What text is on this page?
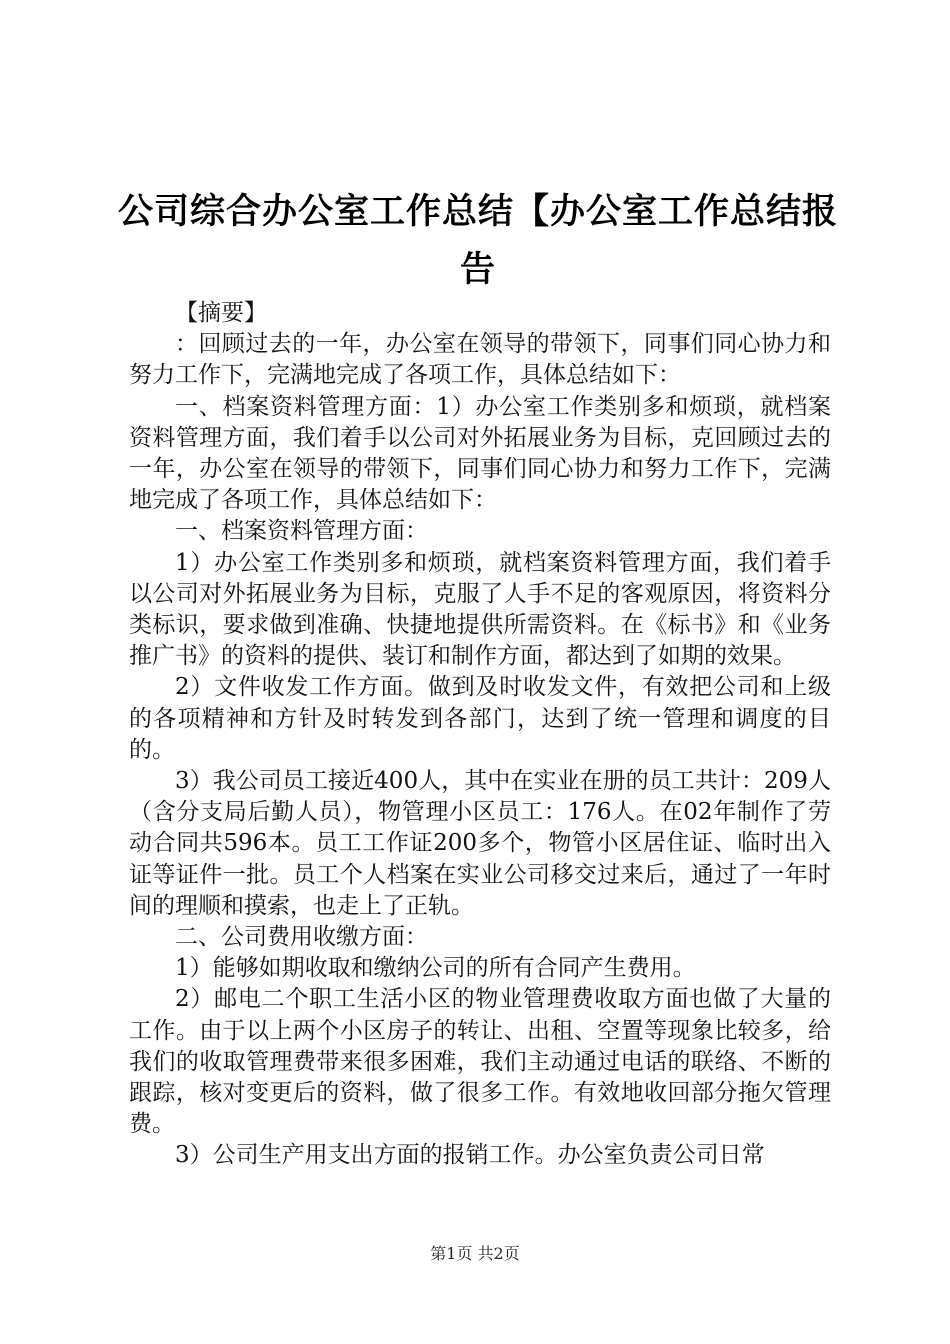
公司综合办公室工作总结【办公室工作总结报告

【摘要】

：回顾过去的一年，办公室在领导的带领下，同事们同心协力和努力工作下，完满地完成了各项工作，具体总结如下：

一、档案资料管理方面：1）办公室工作类别多和烦琐，就档案资料管理方面，我们着手以公司对外拓展业务为目标，克回顾过去的一年，办公室在领导的带领下，同事们同心协力和努力工作下，完满地完成了各项工作，具体总结如下：

一、档案资料管理方面：

1）办公室工作类别多和烦琐，就档案资料管理方面，我们着手以公司对外拓展业务为目标，克服了人手不足的客观原因，将资料分类标识，要求做到准确、快捷地提供所需资料。在《标书》和《业务推广书》的资料的提供、装订和制作方面，都达到了如期的效果。

2）文件收发工作方面。做到及时收发文件，有效把公司和上级的各项精神和方针及时转发到各部门，达到了统一管理和调度的目的。

3）我公司员工接近400人，其中在实业在册的员工共计：209人（含分支局后勤人员），物管理小区员工：176人。在02年制作了劳动合同共596本。员工工作证200多个，物管小区居住证、临时出入证等证件一批。员工个人档案在实业公司移交过来后，通过了一年时间的理顺和摸索，也走上了正轨。

二、公司费用收缴方面：

1）能够如期收取和缴纳公司的所有合同产生费用。

2）邮电二个职工生活小区的物业管理费收取方面也做了大量的工作。由于以上两个小区房子的转让、出租、空置等现象比较多，给我们的收取管理费带来很多困难，我们主动通过电话的联络、不断的跟踪，核对变更后的资料，做了很多工作。有效地收回部分拖欠管理费。

3）公司生产用支出方面的报销工作。办公室负责公司日常

第1页 共2页
